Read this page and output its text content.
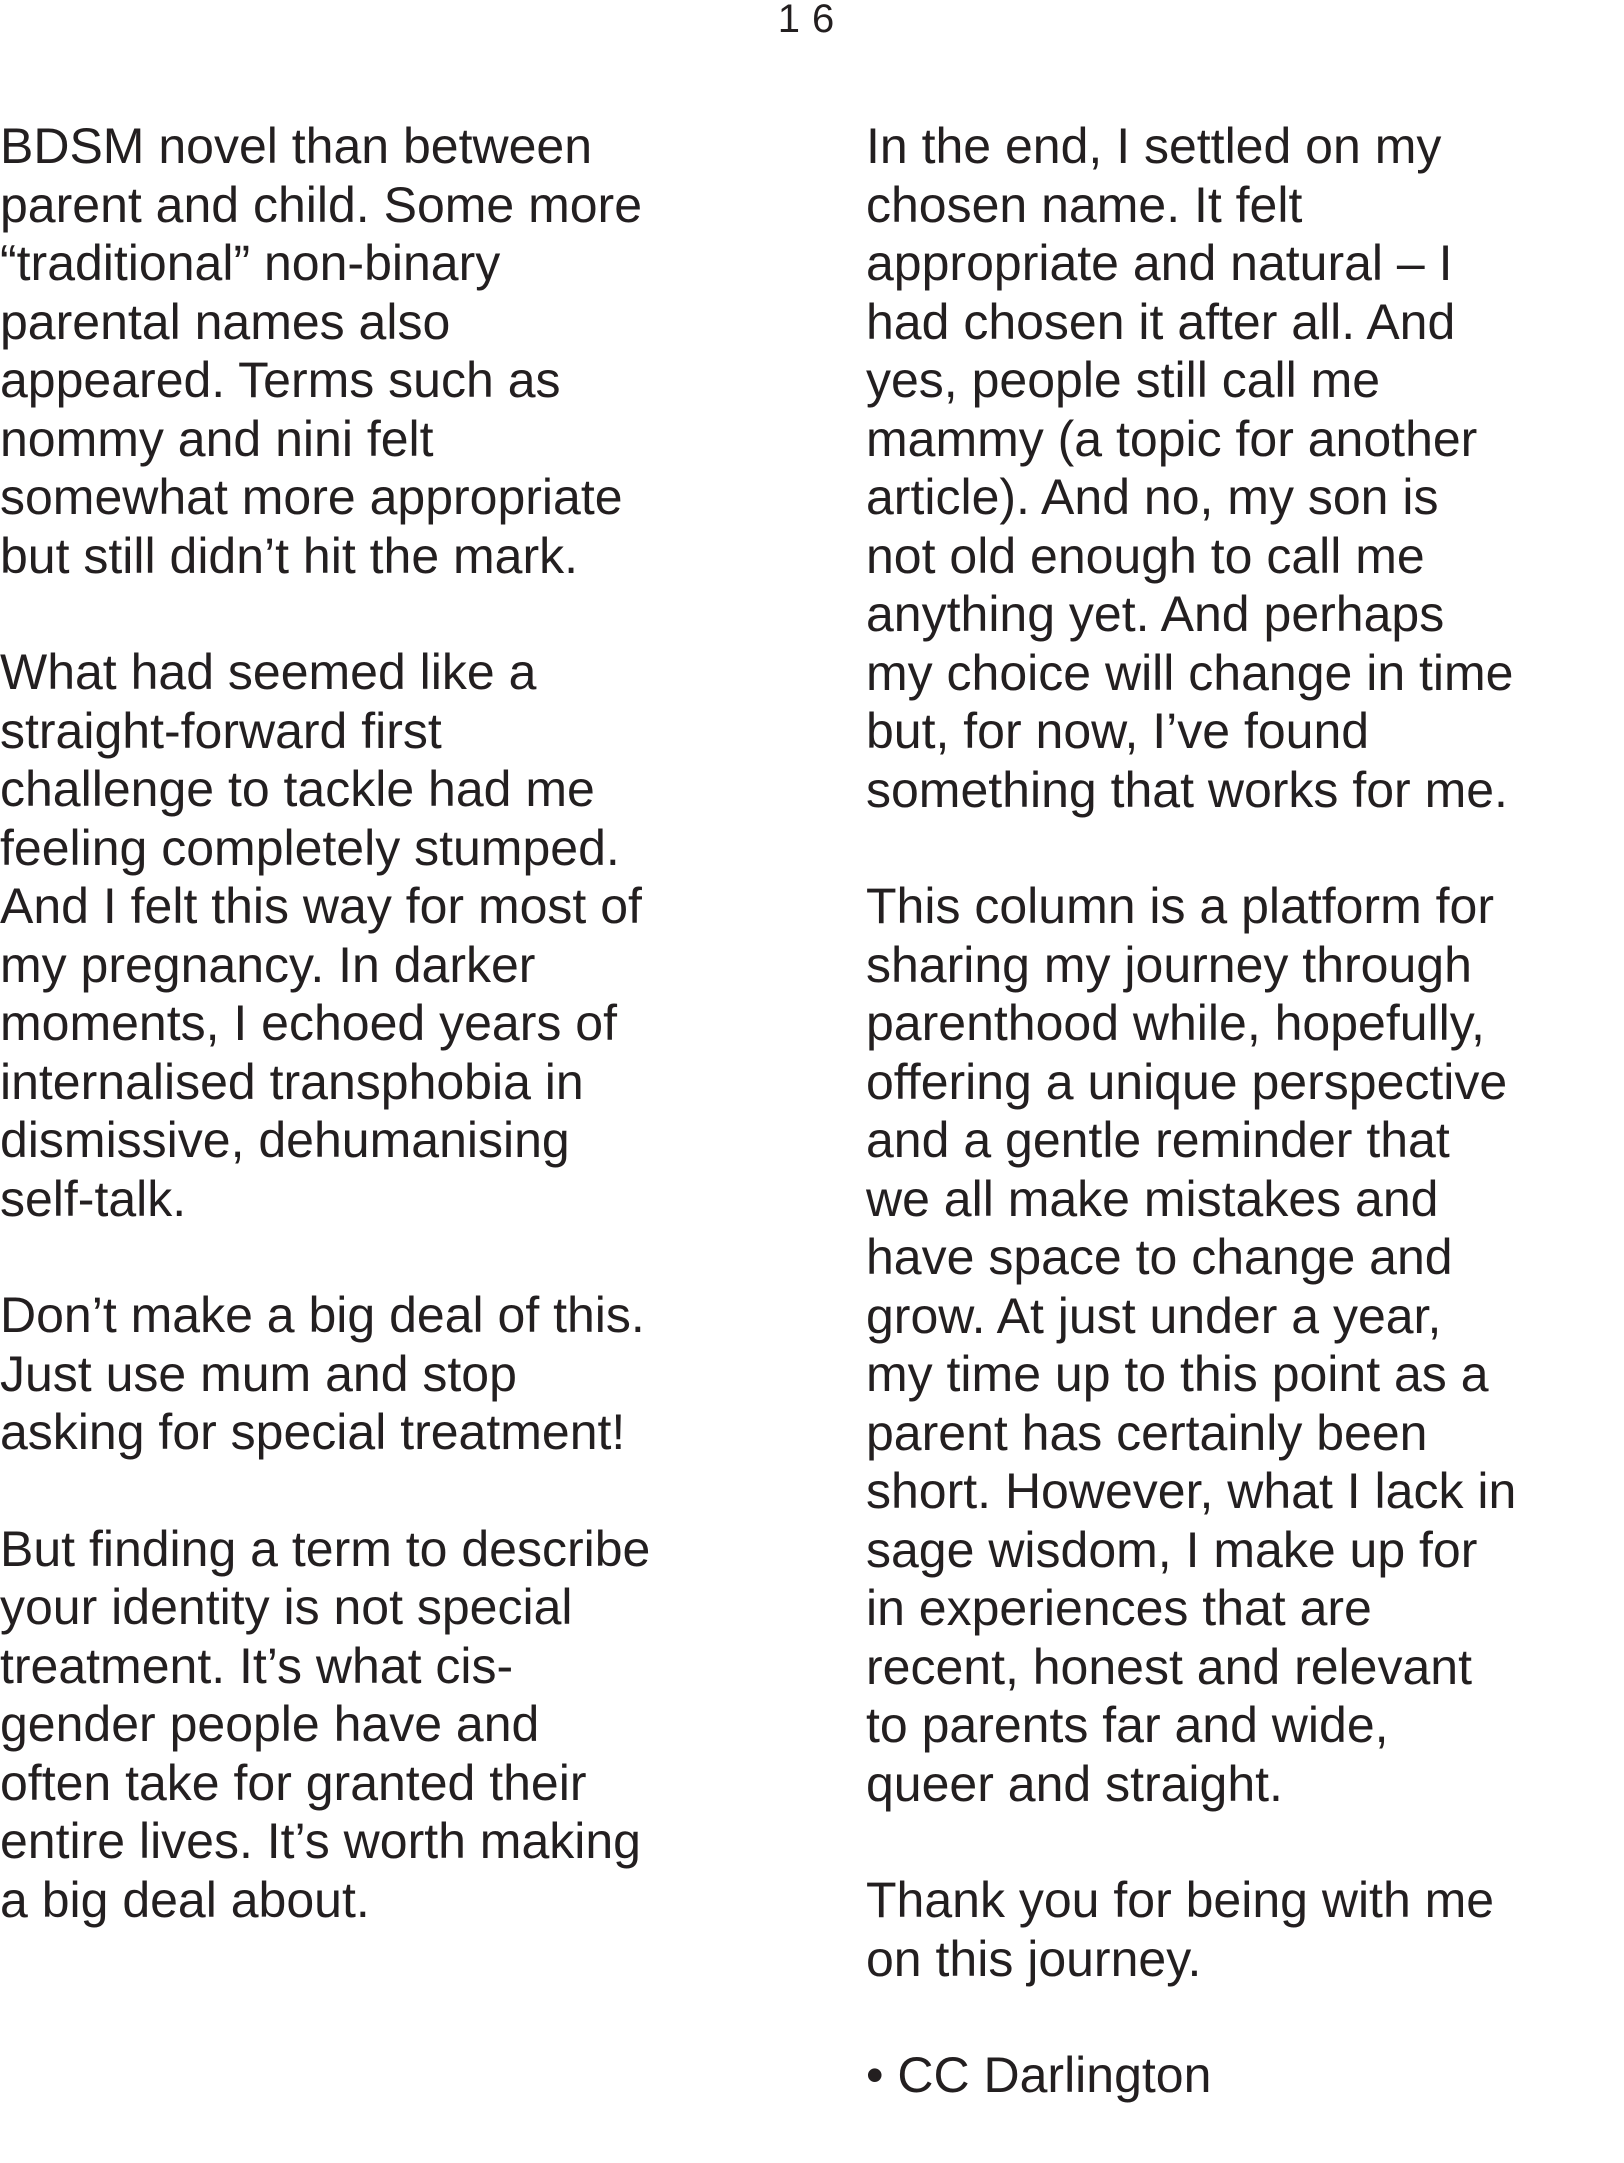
16

BDSM novel than between
parent and child. Some more
“traditional” non-binary
parental names also
appeared. Terms such as
nommy and nini felt
somewhat more appropriate
but still didn’t hit the mark.

What had seemed like a
straight-forward first
challenge to tackle had me
feeling completely stumped.
And I felt this way for most of
my pregnancy. In darker
moments, I echoed years of
internalised transphobia in
dismissive, dehumanising
self-talk.

Don’t make a big deal of this.
Just use mum and stop
asking for special treatment!

But finding a term to describe
your identity is not special
treatment. It’s what cis-
gender people have and
often take for granted their
entire lives. It’s worth making
a big deal about.

In the end, I settled on my
chosen name. It felt
appropriate and natural – I
had chosen it after all. And
yes, people still call me
mammy (a topic for another
article). And no, my son is
not old enough to call me
anything yet. And perhaps
my choice will change in time
but, for now, I’ve found
something that works for me.

This column is a platform for
sharing my journey through
parenthood while, hopefully,
offering a unique perspective
and a gentle reminder that
we all make mistakes and
have space to change and
grow. At just under a year,
my time up to this point as a
parent has certainly been
short. However, what I lack in
sage wisdom, I make up for
in experiences that are
recent, honest and relevant
to parents far and wide,
queer and straight.

Thank you for being with me
on this journey.

• CC Darlington
